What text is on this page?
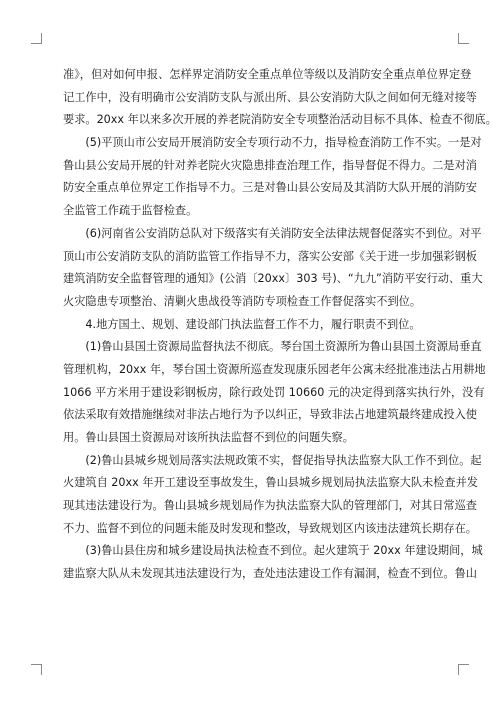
准》，但对如何申报、怎样界定消防安全重点单位等级以及消防安全重点单位界定登
记工作中，没有明确市公安消防支队与派出所、县公安消防大队之间如何无缝对接等
要求。20xx 年以来多次开展的养老院消防安全专项整治活动目标不具体、检查不彻底。
(5)平顶山市公安局开展消防安全专项行动不力，指导检查消防工作不实。一是对
鲁山县公安局开展的针对养老院火灾隐患排查治理工作，指导督促不得力。二是对消
防安全重点单位界定工作指导不力。三是对鲁山县公安局及其消防大队开展的消防安
全监管工作疏于监督检查。
(6)河南省公安消防总队对下级落实有关消防安全法律法规督促落实不到位。对平
顶山市公安消防支队的消防监管工作指导不力，落实公安部《关于进一步加强彩钢板
建筑消防安全监督管理的通知》(公消〔20xx〕303 号)、“九九”消防平安行动、重大
火灾隐患专项整治、清剿火患战役等消防专项检查工作督促落实不到位。
4.地方国土、规划、建设部门执法监督工作不力，履行职责不到位。
(1)鲁山县国土资源局监督执法不彻底。琴台国土资源所为鲁山县国土资源局垂直
管理机构，20xx 年，琴台国土资源所巡查发现康乐园老年公寓未经批准违法占用耕地
1066 平方米用于建设彩钢板房，除行政处罚 10660 元的决定得到落实执行外，没有
依法采取有效措施继续对非法占地行为予以纠正，导致非法占地建筑最终建成投入使
用。鲁山县国土资源局对该所执法监督不到位的问题失察。
(2)鲁山县城乡规划局落实法规政策不实，督促指导执法监察大队工作不到位。起
火建筑自 20xx 年开工建设至事故发生，鲁山县城乡规划局执法监察大队未检查并发
现其违法建设行为。鲁山县城乡规划局作为执法监察大队的管理部门，对其日常巡查
不力、监督不到位的问题未能及时发现和整改，导致规划区内该违法建筑长期存在。
(3)鲁山县住房和城乡建设局执法检查不到位。起火建筑于 20xx 年建设期间，城
建监察大队从未发现其违法建设行为，查处违法建设工作有漏洞，检查不到位。鲁山
